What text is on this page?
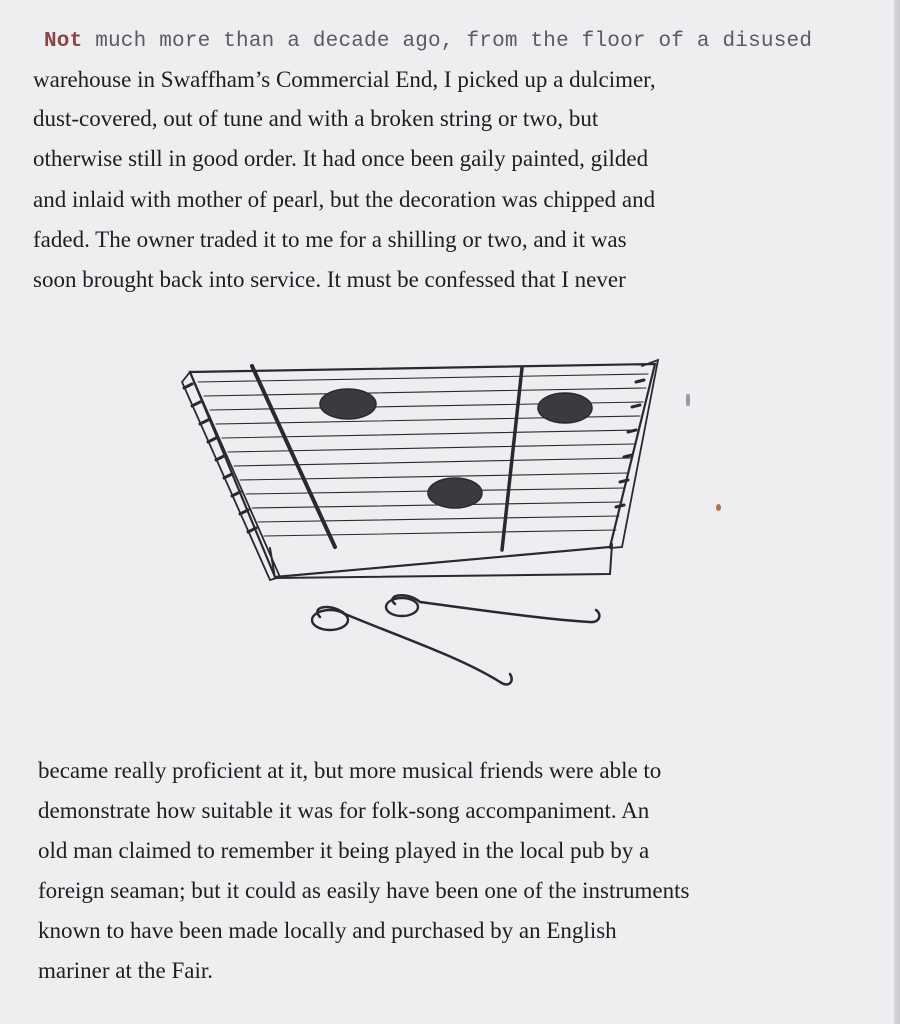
Not much more than a decade ago, from the floor of a disused
warehouse in Swaffham’s Commercial End, I picked up a dulcimer,
dust-covered, out of tune and with a broken string or two, but
otherwise still in good order. It had once been gaily painted, gilded
and inlaid with mother of pearl, but the decoration was chipped and
faded. The owner traded it to me for a shilling or two, and it was
soon brought back into service. It must be confessed that I never
became really proficient at it, but more musical friends were able to
demonstrate how suitable it was for folk-song accompaniment. An
old man claimed to remember it being played in the local pub by a
foreign seaman; but it could as easily have been one of the instruments
known to have been made locally and purchased by an English
mariner at the Fair.
